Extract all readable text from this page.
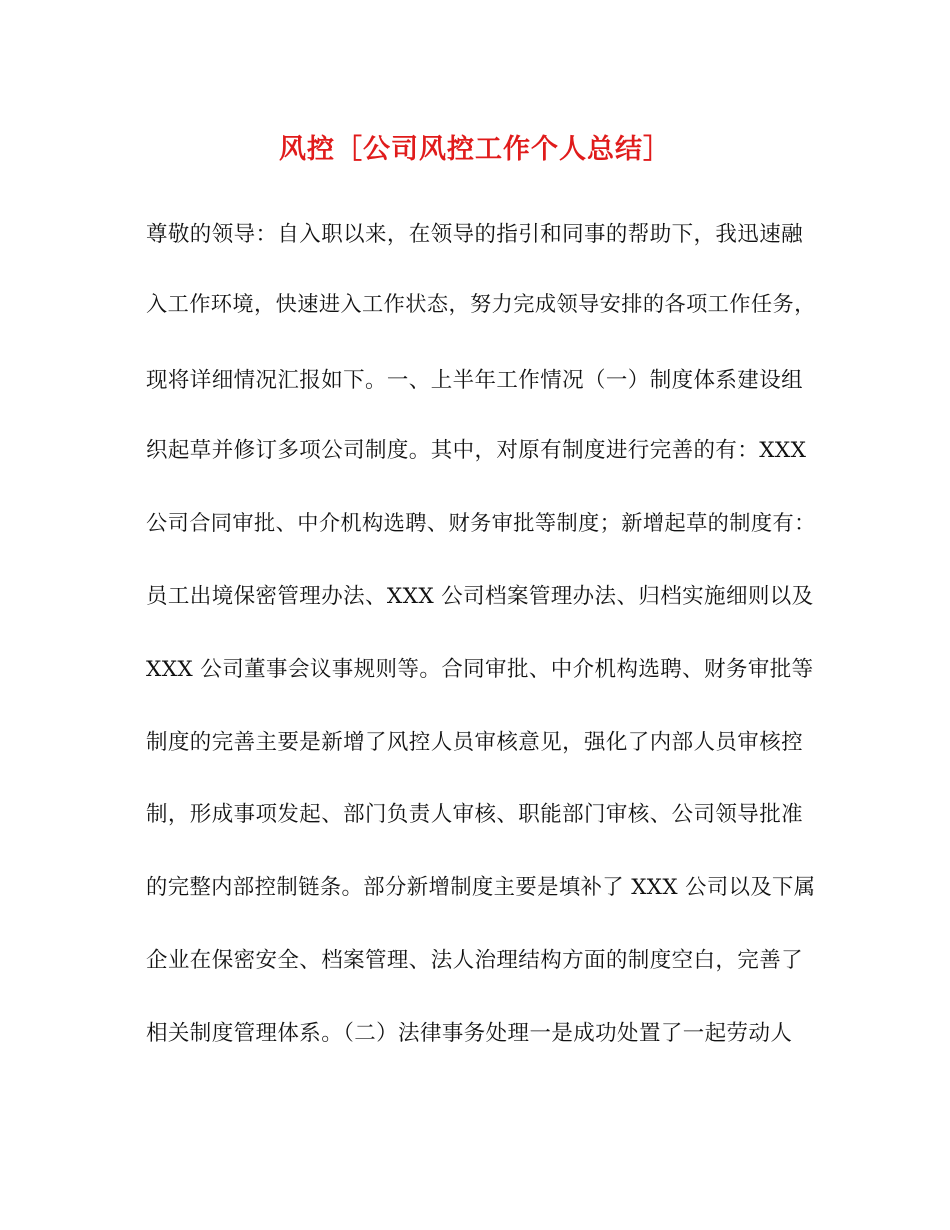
风控［公司风控工作个人总结］
尊敬的领导：自入职以来，在领导的指引和同事的帮助下，我迅速融
入工作环境，快速进入工作状态，努力完成领导安排的各项工作任务，
现将详细情况汇报如下。一、上半年工作情况（一）制度体系建设组
织起草并修订多项公司制度。其中，对原有制度进行完善的有：XXX
公司合同审批、中介机构选聘、财务审批等制度；新增起草的制度有：
员工出境保密管理办法、XXX 公司档案管理办法、归档实施细则以及
XXX 公司董事会议事规则等。合同审批、中介机构选聘、财务审批等
制度的完善主要是新增了风控人员审核意见，强化了内部人员审核控
制，形成事项发起、部门负责人审核、职能部门审核、公司领导批准
的完整内部控制链条。部分新增制度主要是填补了 XXX 公司以及下属
企业在保密安全、档案管理、法人治理结构方面的制度空白，完善了
相关制度管理体系。（二）法律事务处理一是成功处置了一起劳动人
